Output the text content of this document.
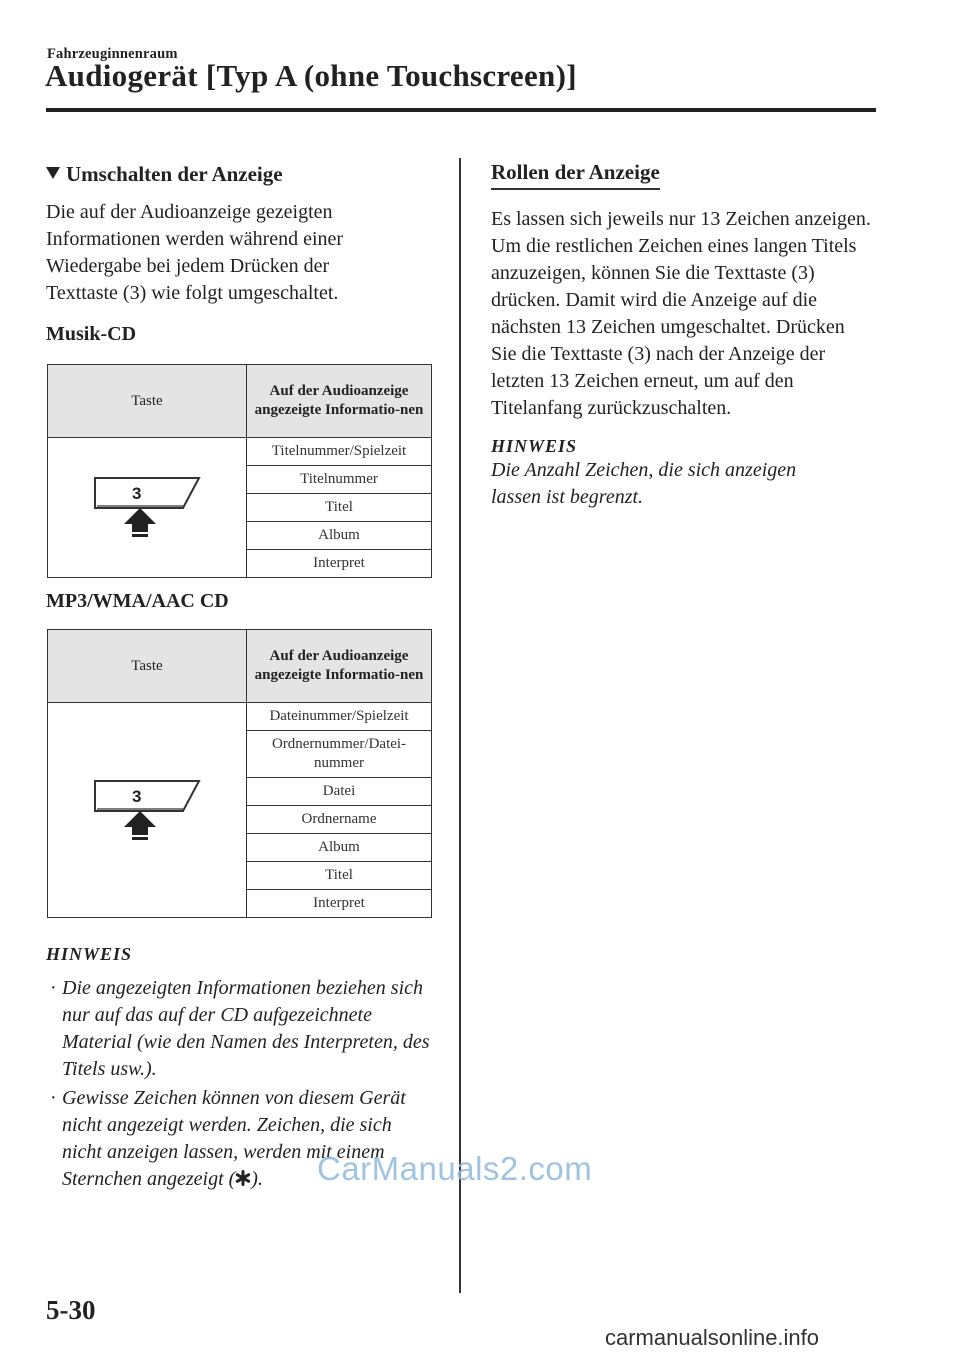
Fahrzeuginnenraum
Audiogerät [Typ A (ohne Touchscreen)]

Umschalten der Anzeige

Die auf der Audioanzeige gezeigten Informationen werden während einer Wiedergabe bei jedem Drücken der Texttaste (3) wie folgt umgeschaltet.

Musik-CD

Taste	Auf der Audioanzeige angezeigte Informatio-nen

3	Titelnummer/Spielzeit
	Titelnummer
	Titel
	Album
	Interpret

MP3/WMA/AAC CD

Taste	Auf der Audioanzeige angezeigte Informatio-nen

3	Dateinummer/Spielzeit
	Ordnernummer/Datei-nummer
	Datei
	Ordnername
	Album
	Titel
	Interpret

HINWEIS

· Die angezeigten Informationen beziehen sich nur auf das auf der CD aufgezeichnete Material (wie den Namen des Interpreten, des Titels usw.).
· Gewisse Zeichen können von diesem Gerät nicht angezeigt werden. Zeichen, die sich nicht anzeigen lassen, werden mit einem Sternchen angezeigt ( ).

Rollen der Anzeige

Es lassen sich jeweils nur 13 Zeichen anzeigen. Um die restlichen Zeichen eines langen Titels anzuzeigen, können Sie die Texttaste (3) drücken. Damit wird die Anzeige auf die nächsten 13 Zeichen umgeschaltet. Drücken Sie die Texttaste (3) nach der Anzeige der letzten 13 Zeichen erneut, um auf den Titelanfang zurückzuschalten.

HINWEIS

Die Anzahl Zeichen, die sich anzeigen lassen ist begrenzt.

5-30
CarManuals2.com
carmanualsonline.info
